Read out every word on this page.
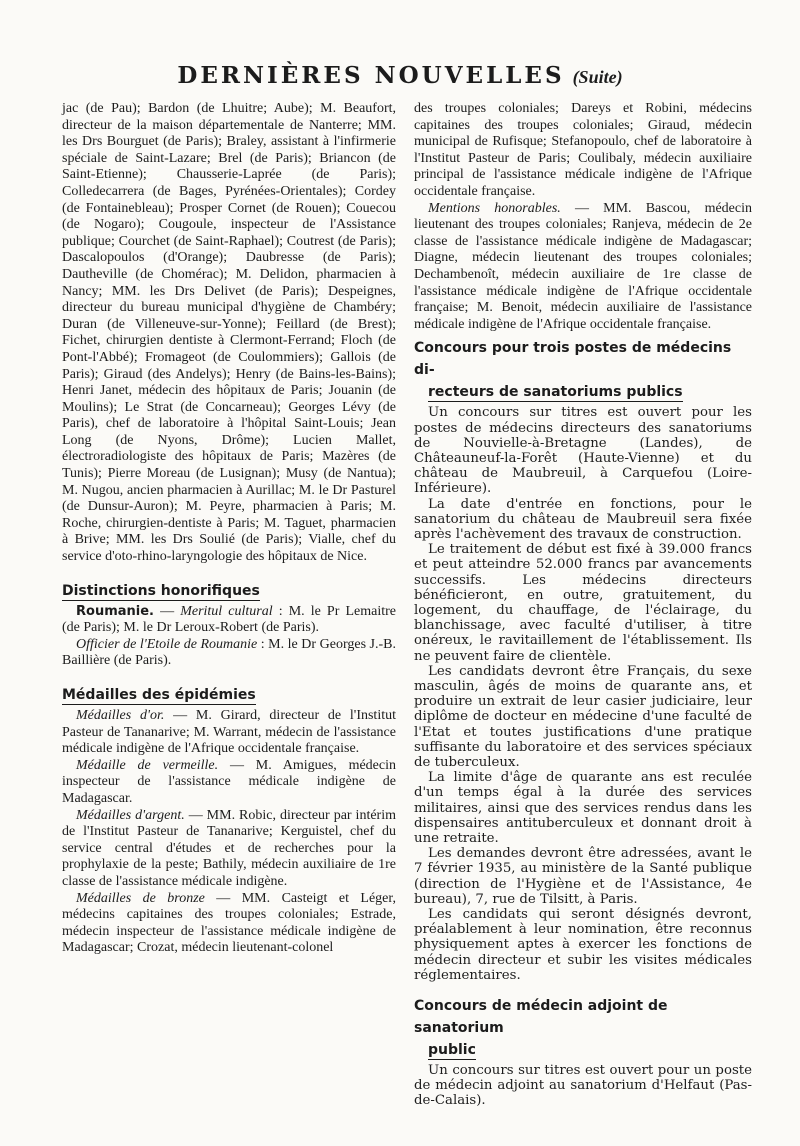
DERNIÈRES NOUVELLES (Suite)

jac (de Pau); Bardon (de Lhuitre; Aube); M. Beaufort, directeur de la maison départementale de Nanterre; MM. les Drs Bourguet (de Paris); Braley, assistant à l'infirmerie spéciale de Saint-Lazare; Brel (de Paris); Briancon (de Saint-Etienne); Chausserie-Laprée (de Paris); Colledecarrera (de Bages, Pyrénées-Orientales); Cordey (de Fontainebleau); Prosper Cornet (de Rouen); Couecou (de Nogaro); Cougoule, inspecteur de l'Assistance publique; Courchet (de Saint-Raphael); Coutrest (de Paris); Dascalopoulos (d'Orange); Daubresse (de Paris); Dautheville (de Chomérac); M. Delidon, pharmacien à Nancy; MM. les Drs Delivet (de Paris); Despeignes, directeur du bureau municipal d'hygiène de Chambéry; Duran (de Villeneuve-sur-Yonne); Feillard (de Brest); Fichet, chirurgien dentiste à Clermont-Ferrand; Floch (de Pont-l'Abbé); Fromageot (de Coulommiers); Gallois (de Paris); Giraud (des Andelys); Henry (de Bains-les-Bains); Henri Janet, médecin des hôpitaux de Paris; Jouanin (de Moulins); Le Strat (de Concarneau); Georges Lévy (de Paris), chef de laboratoire à l'hôpital Saint-Louis; Jean Long (de Nyons, Drôme); Lucien Mallet, électroradiologiste des hôpitaux de Paris; Mazères (de Tunis); Pierre Moreau (de Lusignan); Musy (de Nantua); M. Nugou, ancien pharmacien à Aurillac; M. le Dr Pasturel (de Dunsur-Auron); M. Peyre, pharmacien à Paris; M. Roche, chirurgien-dentiste à Paris; M. Taguet, pharmacien à Brive; MM. les Drs Soulié (de Paris); Vialle, chef du service d'oto-rhino-laryngologie des hôpitaux de Nice.

Distinctions honorifiques

Roumanie. — Meritul cultural : M. le Pr Lemaitre (de Paris); M. le Dr Leroux-Robert (de Paris).

Officier de l'Etoile de Roumanie : M. le Dr Georges J.-B. Baillière (de Paris).

Médailles des épidémies

Médailles d'or. — M. Girard, directeur de l'Institut Pasteur de Tananarive; M. Warrant, médecin de l'assistance médicale indigène de l'Afrique occidentale française.

Médaille de vermeille. — M. Amigues, médecin inspecteur de l'assistance médicale indigène de Madagascar.

Médailles d'argent. — MM. Robic, directeur par intérim de l'Institut Pasteur de Tananarive; Kerguistel, chef du service central d'études et de recherches pour la prophylaxie de la peste; Bathily, médecin auxiliaire de 1re classe de l'assistance médicale indigène.

Médailles de bronze — MM. Casteigt et Léger, médecins capitaines des troupes coloniales; Estrade, médecin inspecteur de l'assistance médicale indigène de Madagascar; Crozat, médecin lieutenant-colonel

des troupes coloniales; Dareys et Robini, médecins capitaines des troupes coloniales; Giraud, médecin municipal de Rufisque; Stefanopoulo, chef de laboratoire à l'Institut Pasteur de Paris; Coulibaly, médecin auxiliaire principal de l'assistance médicale indigène de l'Afrique occidentale française.

Mentions honorables. — MM. Bascou, médecin lieutenant des troupes coloniales; Ranjeva, médecin de 2e classe de l'assistance médicale indigène de Madagascar; Diagne, médecin lieutenant des troupes coloniales; Dechambenoît, médecin auxiliaire de 1re classe de l'assistance médicale indigène de l'Afrique occidentale française; M. Benoit, médecin auxiliaire de l'assistance médicale indigène de l'Afrique occidentale française.

Concours pour trois postes de médecins di-
recteurs de sanatoriums publics

Un concours sur titres est ouvert pour les postes de médecins directeurs des sanatoriums de Nouvielle-à-Bretagne (Landes), de Châteauneuf-la-Forêt (Haute-Vienne) et du château de Maubreuil, à Carquefou (Loire-Inférieure).

La date d'entrée en fonctions, pour le sanatorium du château de Maubreuil sera fixée après l'achèvement des travaux de construction.

Le traitement de début est fixé à 39.000 francs et peut atteindre 52.000 francs par avancements successifs. Les médecins directeurs bénéficieront, en outre, gratuitement, du logement, du chauffage, de l'éclairage, du blanchissage, avec faculté d'utiliser, à titre onéreux, le ravitaillement de l'établissement. Ils ne peuvent faire de clientèle.

Les candidats devront être Français, du sexe masculin, âgés de moins de quarante ans, et produire un extrait de leur casier judiciaire, leur diplôme de docteur en médecine d'une faculté de l'Etat et toutes justifications d'une pratique suffisante du laboratoire et des services spéciaux de tuberculeux.

La limite d'âge de quarante ans est reculée d'un temps égal à la durée des services militaires, ainsi que des services rendus dans les dispensaires antituberculeux et donnant droit à une retraite.

Les demandes devront être adressées, avant le 7 février 1935, au ministère de la Santé publique (direction de l'Hygiène et de l'Assistance, 4e bureau), 7, rue de Tilsitt, à Paris.

Les candidats qui seront désignés devront, préalablement à leur nomination, être reconnus physiquement aptes à exercer les fonctions de médecin directeur et subir les visites médicales réglementaires.

Concours de médecin adjoint de sanatorium
public

Un concours sur titres est ouvert pour un poste de médecin adjoint au sanatorium d'Helfaut (Pas-de-Calais).
